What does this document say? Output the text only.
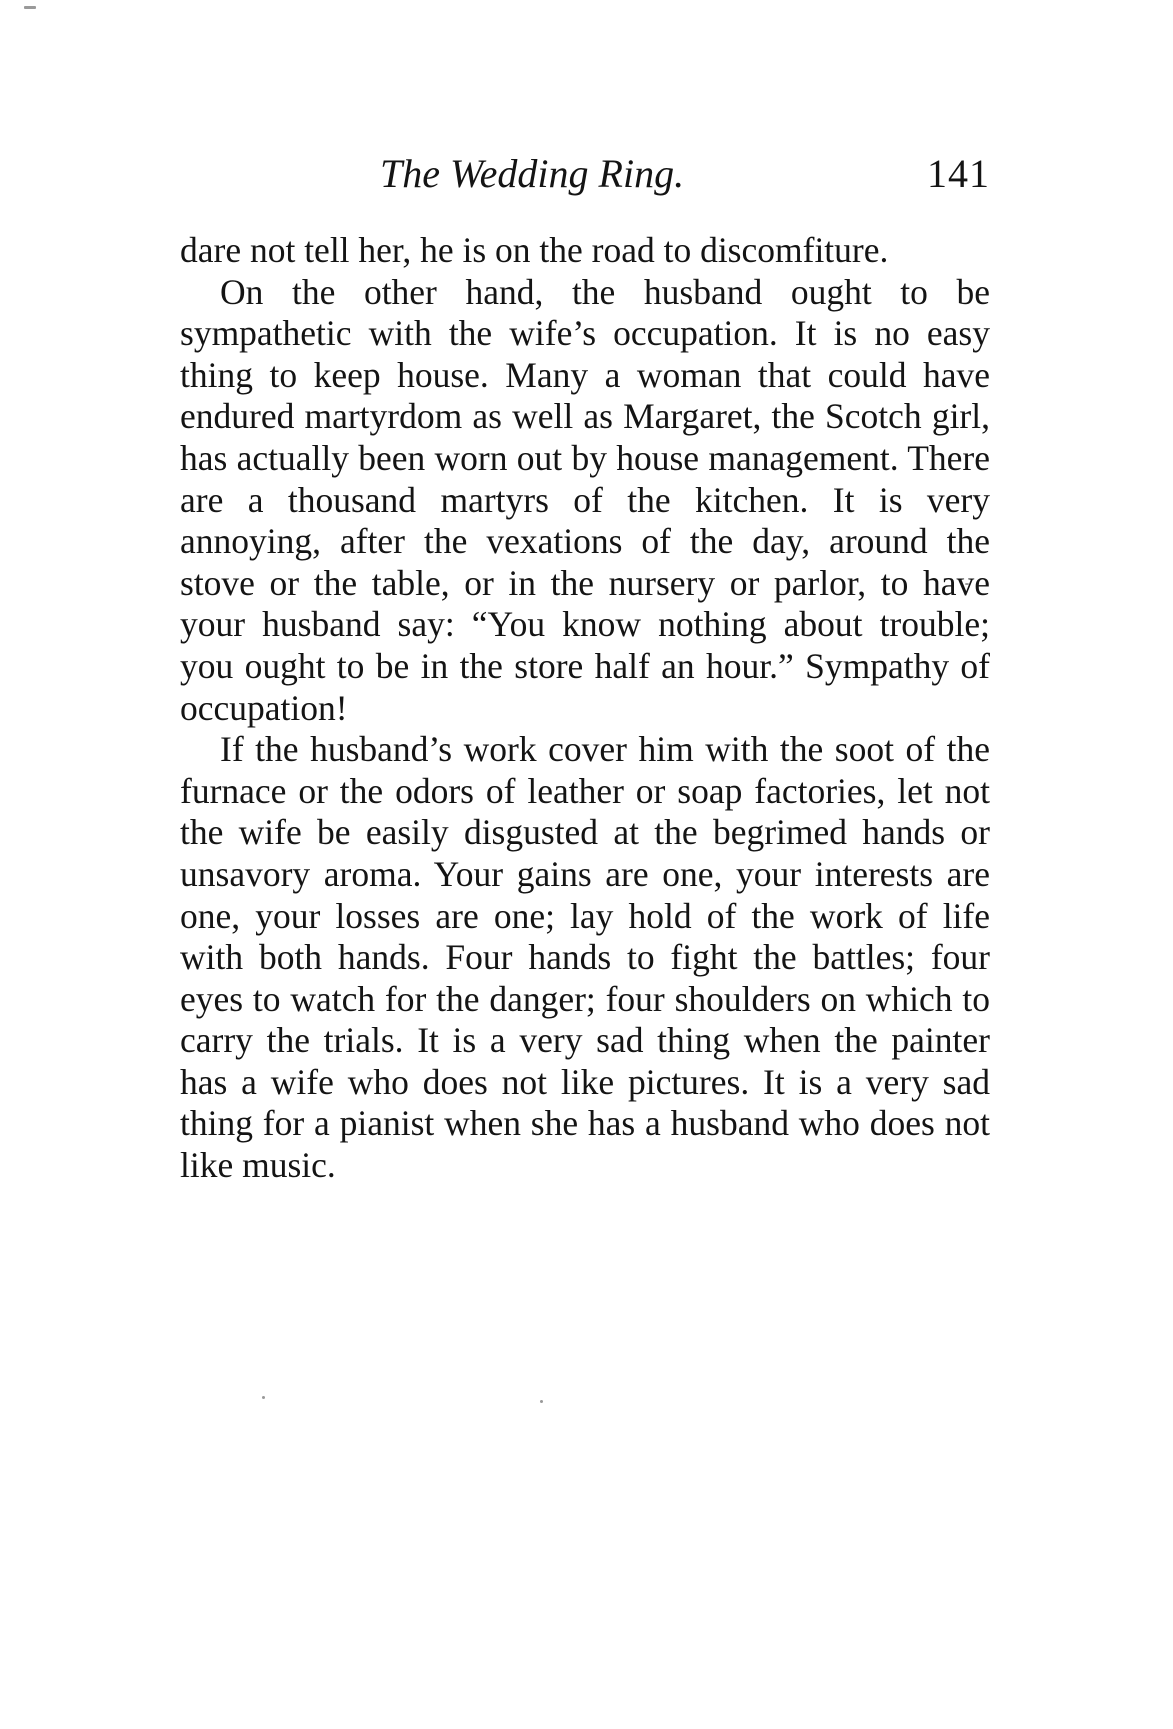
The Wedding Ring.	141

dare not tell her, he is on the road to discomfiture.

On the other hand, the husband ought to be sympathetic with the wife’s occupation. It is no easy thing to keep house. Many a woman that could have endured martyrdom as well as Margaret, the Scotch girl, has actually been worn out by house management. There are a thousand martyrs of the kitchen. It is very annoying, after the vexations of the day, around the stove or the table, or in the nursery or parlor, to have your husband say: “You know nothing about trouble; you ought to be in the store half an hour.” Sympathy of occupation!

If the husband’s work cover him with the soot of the furnace or the odors of leather or soap factories, let not the wife be easily disgusted at the begrimed hands or unsavory aroma. Your gains are one, your interests are one, your losses are one; lay hold of the work of life with both hands. Four hands to fight the battles; four eyes to watch for the danger; four shoulders on which to carry the trials. It is a very sad thing when the painter has a wife who does not like pictures. It is a very sad thing for a pianist when she has a husband who does not like music.
